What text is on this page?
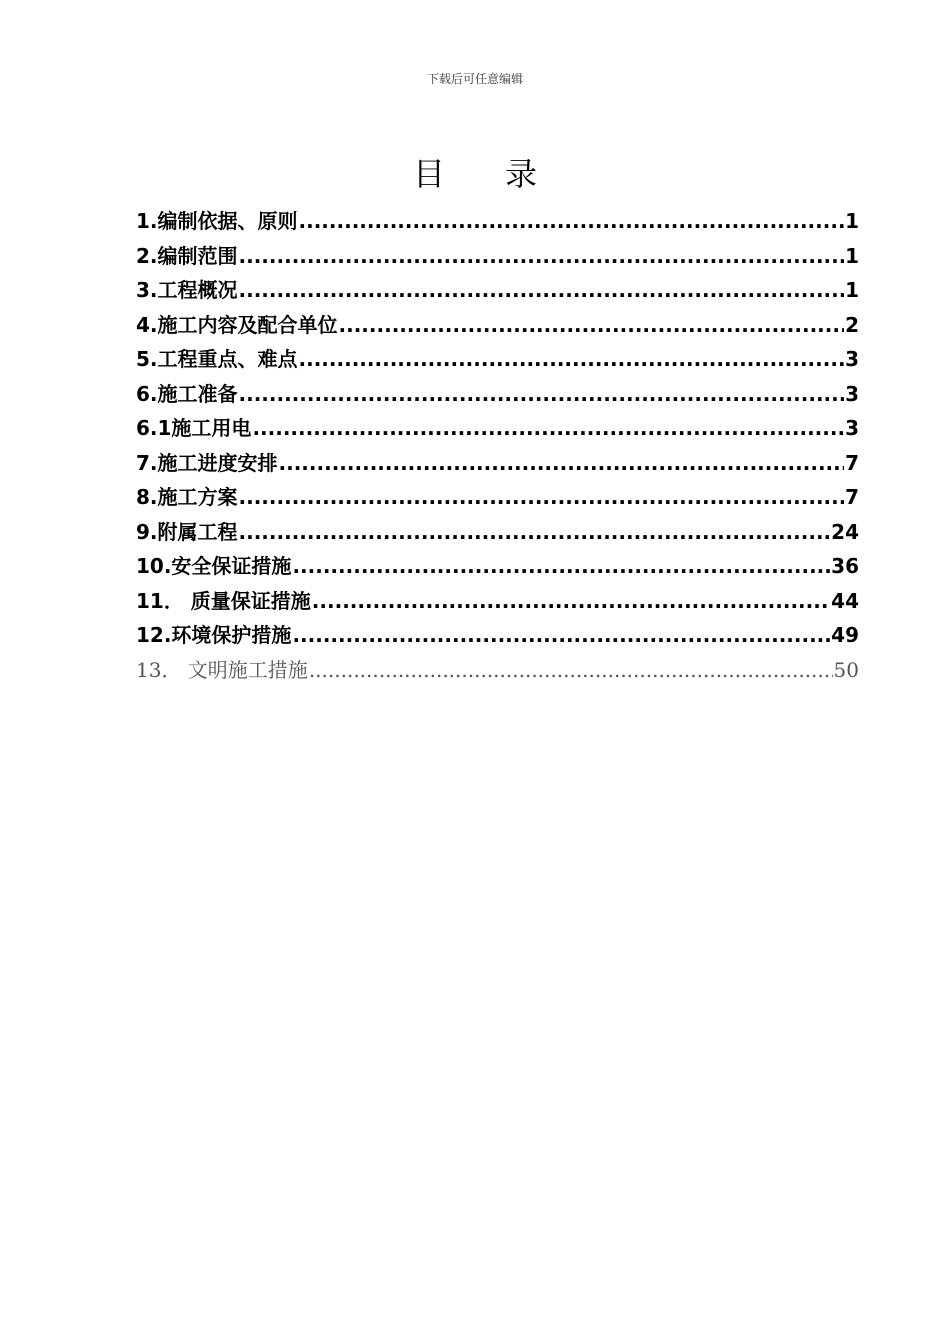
下载后可任意编辑
目录
1.编制依据、原则 .....	1
2.编制范围 .....	1
3.工程概况 .....	1
4.施工内容及配合单位 .....	2
5.工程重点、难点 .....	3
6.施工准备 .....	3
6.1施工用电 .....	3
7.施工进度安排 .....	7
8.施工方案 .....	7
9.附属工程 .....	24
10.安全保证措施 .....	36
11． 质量保证措施 .....	44
12.环境保护措施 .....	49
13． 文明施工措施 .....	50
